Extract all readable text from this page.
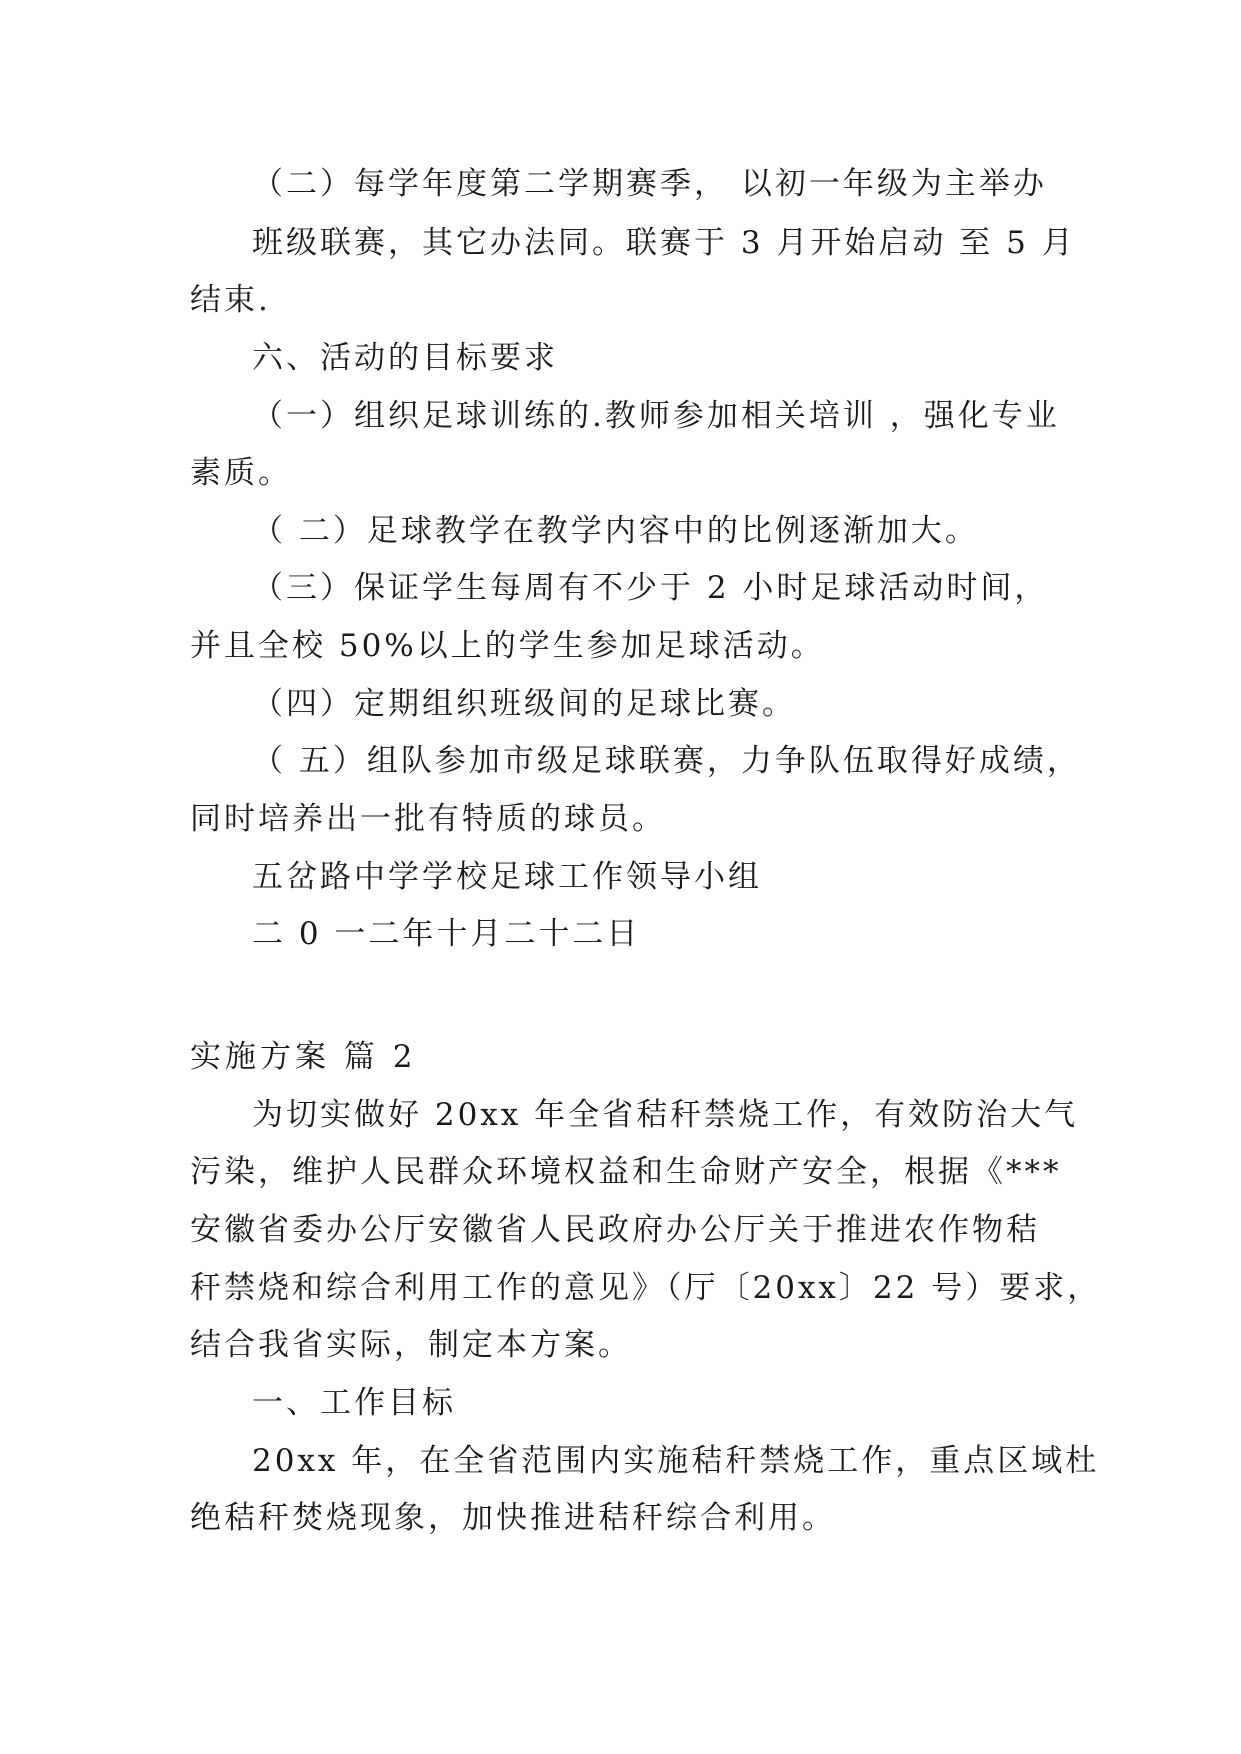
（二）每学年度第二学期赛季， 以初一年级为主举办
班级联赛，其它办法同。联赛于 3 月开始启动 至 5 月
结束.
六、活动的目标要求
（一）组织足球训练的.教师参加相关培训 ，强化专业
素质。
（ 二）足球教学在教学内容中的比例逐渐加大。
（三）保证学生每周有不少于 2 小时足球活动时间，
并且全校 50%以上的学生参加足球活动。
（四）定期组织班级间的足球比赛。
（ 五）组队参加市级足球联赛，力争队伍取得好成绩，
同时培养出一批有特质的球员。
五岔路中学学校足球工作领导小组
二 0 一二年十月二十二日
实施方案 篇 2
为切实做好 20xx 年全省秸秆禁烧工作，有效防治大气
污染，维护人民群众环境权益和生命财产安全，根据《***
安徽省委办公厅安徽省人民政府办公厅关于推进农作物秸
秆禁烧和综合利用工作的意见》（厅〔20xx〕22 号）要求，
结合我省实际，制定本方案。
一、工作目标
20xx 年，在全省范围内实施秸秆禁烧工作，重点区域杜
绝秸秆焚烧现象，加快推进秸秆综合利用。
